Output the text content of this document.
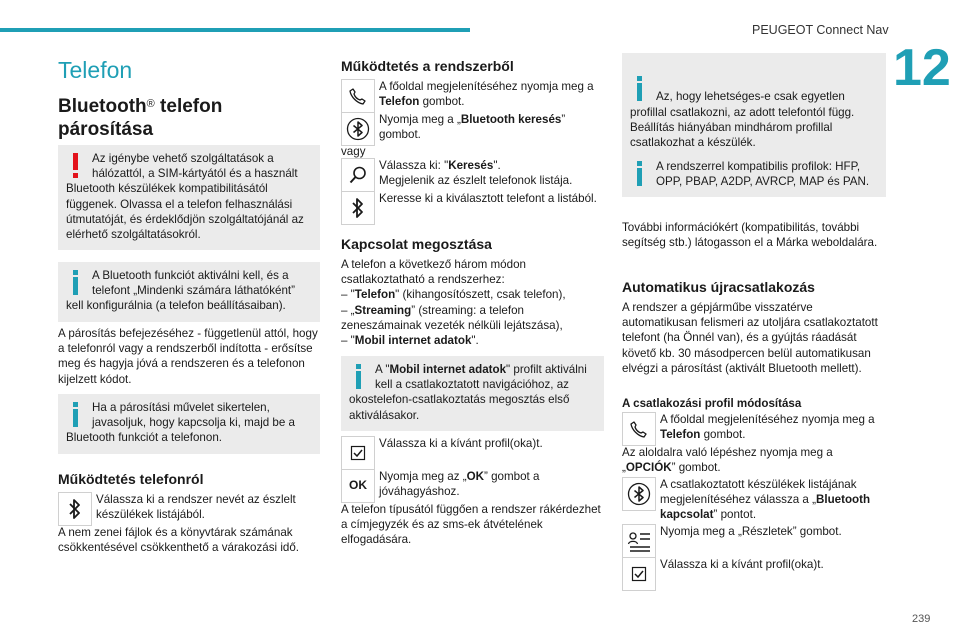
PEUGEOT Connect Nav
12
239
Telefon
Bluetooth® telefon párosítása
Az igénybe vehető szolgáltatások a hálózattól, a SIM-kártyától és a használt Bluetooth készülékek kompatibilitásától függenek. Olvassa el a telefon felhasználási útmutatóját, és érdeklődjön szolgáltatójánál az elérhető szolgáltatásokról.
A Bluetooth funkciót aktiválni kell, és a telefont „Mindenki számára láthatóként” kell konfigurálnia (a telefon beállításaiban).
A párosítás befejezéséhez - függetlenül attól, hogy a telefonról vagy a rendszerből indította - erősítse meg és hagyja jóvá a rendszeren és a telefonon kijelzett kódot.
Ha a párosítási művelet sikertelen, javasoljuk, hogy kapcsolja ki, majd be a Bluetooth funkciót a telefonon.
Működtetés telefonról
Válassza ki a rendszer nevét az észlelt készülékek listájából.
A nem zenei fájlok és a könyvtárak számának csökkentésével csökkenthető a várakozási idő.
Működtetés a rendszerből
A főoldal megjelenítéséhez nyomja meg a Telefon gombot.
Nyomja meg a „Bluetooth keresés” gombot.
vagy
Válassza ki: "Keresés".
Megjelenik az észlelt telefonok listája.
Keresse ki a kiválasztott telefont a listából.
Kapcsolat megosztása
A telefon a következő három módon csatlakoztatható a rendszerhez:
– "Telefon" (kihangosítószett, csak telefon),
– „Streaming” (streaming: a telefon zeneszámainak vezeték nélküli lejátszása),
– "Mobil internet adatok".
A "Mobil internet adatok" profilt aktiválni kell a csatlakoztatott navigációhoz, az okostelefon-csatlakoztatás megosztás első aktiválásakor.
Válassza ki a kívánt profil(oka)t.
OK
Nyomja meg az „OK” gombot a jóváhagyáshoz.
A telefon típusától függően a rendszer rákérdezhet a címjegyzék és az sms-ek átvételének elfogadására.

Az, hogy lehetséges-e csak egyetlen profillal csatlakozni, az adott telefontól függ.
Beállítás hiányában mindhárom profillal csatlakozhat a készülék.

A rendszerrel kompatibilis profilok: HFP, OPP, PBAP, A2DP, AVRCP, MAP és PAN.
További információkért (kompatibilitás, további segítség stb.) látogasson el a Márka weboldalára.
Automatikus újracsatlakozás
A rendszer a gépjárműbe visszatérve automatikusan felismeri az utoljára csatlakoztatott telefont (ha Önnél van), és a gyújtás ráadását követő kb. 30 másodpercen belül automatikusan elvégzi a párosítást (aktivált Bluetooth mellett).
A csatlakozási profil módosítása
A főoldal megjelenítéséhez nyomja meg a Telefon gombot.
Az aloldalra való lépéshez nyomja meg a „OPCIÓK” gombot.
A csatlakoztatott készülékek listájának megjelenítéséhez válassza a „Bluetooth kapcsolat” pontot.
Nyomja meg a „Részletek” gombot.
Válassza ki a kívánt profil(oka)t.
